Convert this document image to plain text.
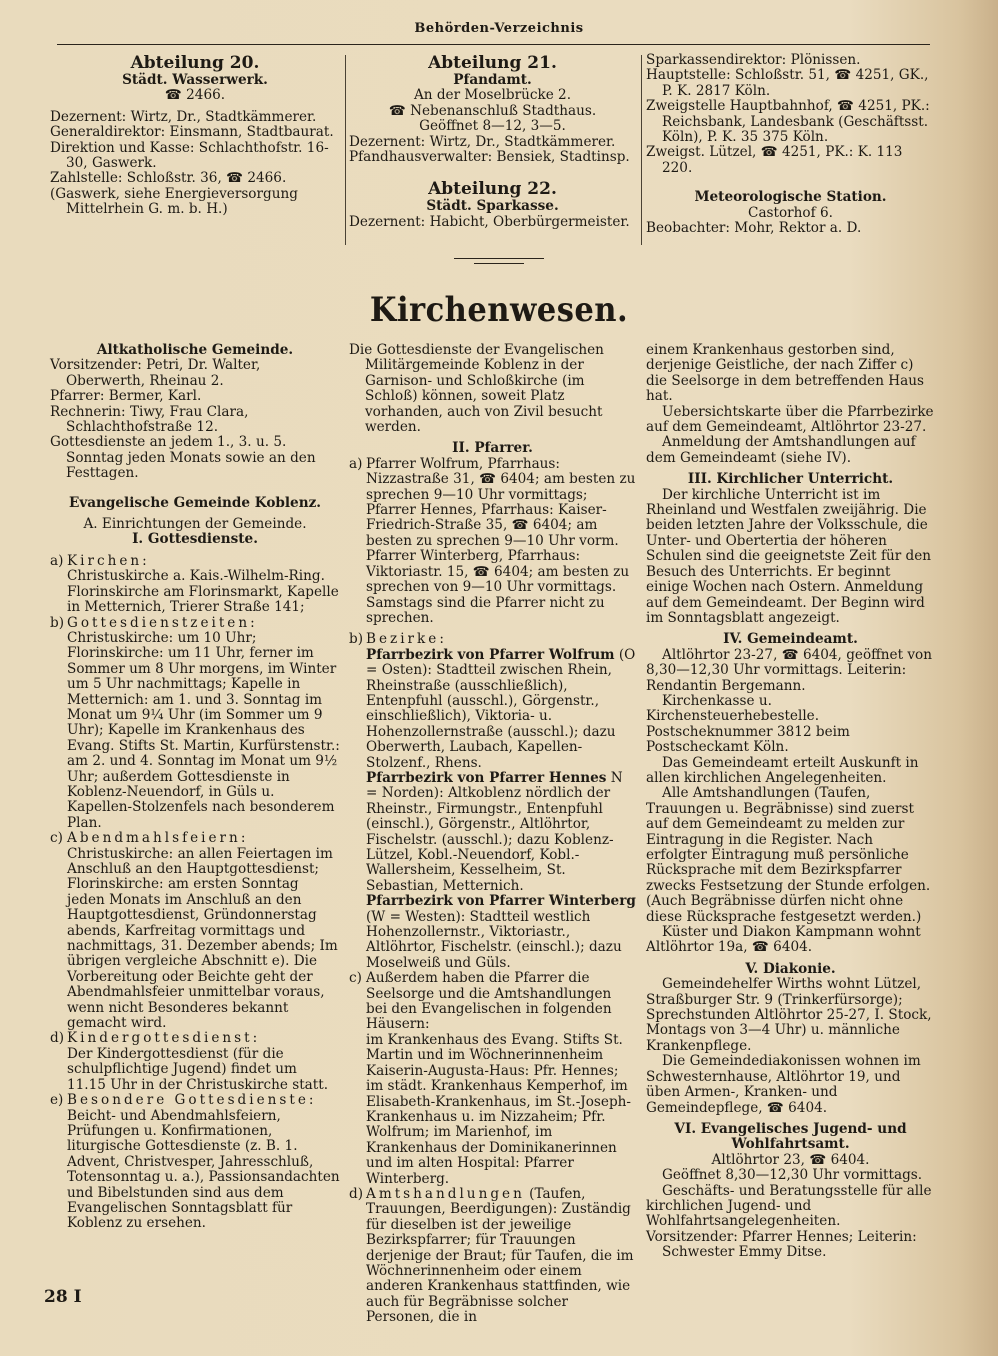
Behörden-Verzeichnis

Abteilung 20.

Städt. Wasserwerk.

☎ 2466.

Dezernent: Wirtz, Dr., Stadtkämmerer.

Generaldirektor: Einsmann, Stadtbaurat.

Direktion und Kasse: Schlachthofstr. 16-30, Gaswerk.

Zahlstelle: Schloßstr. 36, ☎ 2466.

(Gaswerk, siehe Energieversorgung Mittelrhein G. m. b. H.)

Abteilung 21.

Pfandamt.

An der Moselbrücke 2.

☎ Nebenanschluß Stadthaus.

Geöffnet 8—12, 3—5.

Dezernent: Wirtz, Dr., Stadtkämmerer.

Pfandhausverwalter: Bensiek, Stadtinsp.

Abteilung 22.

Städt. Sparkasse.

Dezernent: Habicht, Oberbürgermeister.

Sparkassendirektor: Plönissen.

Hauptstelle: Schloßstr. 51, ☎ 4251, GK., P. K. 2817 Köln.

Zweigstelle Hauptbahnhof, ☎ 4251, PK.: Reichsbank, Landesbank (Geschäftsst. Köln), P. K. 35 375 Köln.

Zweigst. Lützel, ☎ 4251, PK.: K. 113 220.

Meteorologische Station.

Castorhof 6.

Beobachter: Mohr, Rektor a. D.

Kirchenwesen.

Altkatholische Gemeinde.

Vorsitzender: Petri, Dr. Walter, Oberwerth, Rheinau 2.

Pfarrer: Bermer, Karl.

Rechnerin: Tiwy, Frau Clara, Schlachthofstraße 12.

Gottesdienste an jedem 1., 3. u. 5. Sonntag jeden Monats sowie an den Festtagen.

Evangelische Gemeinde Koblenz.

A. Einrichtungen der Gemeinde.

I. Gottesdienste.

a) Kirchen:

Christuskirche a. Kais.-Wilhelm-Ring. Florinskirche am Florinsmarkt, Kapelle in Metternich, Trierer Straße 141;

b) Gottesdienstzeiten:

Christuskirche: um 10 Uhr; Florinskirche: um 11 Uhr, ferner im Sommer um 8 Uhr morgens, im Winter um 5 Uhr nachmittags; Kapelle in Metternich: am 1. und 3. Sonntag im Monat um 9¼ Uhr (im Sommer um 9 Uhr); Kapelle im Krankenhaus des Evang. Stifts St. Martin, Kurfürstenstr.: am 2. und 4. Sonntag im Monat um 9½ Uhr; außerdem Gottesdienste in Koblenz-Neuendorf, in Güls u. Kapellen-Stolzenfels nach besonderem Plan.

c) Abendmahlsfeiern:

Christuskirche: an allen Feiertagen im Anschluß an den Hauptgottesdienst; Florinskirche: am ersten Sonntag jeden Monats im Anschluß an den Hauptgottesdienst, Gründonnerstag abends, Karfreitag vormittags und nachmittags, 31. Dezember abends; Im übrigen vergleiche Abschnitt e). Die Vorbereitung oder Beichte geht der Abendmahlsfeier unmittelbar voraus, wenn nicht Besonderes bekannt gemacht wird.

d) Kindergottesdienst:

Der Kindergottesdienst (für die schulpflichtige Jugend) findet um 11.15 Uhr in der Christuskirche statt.

e) Besondere Gottesdienste:

Beicht- und Abendmahlsfeiern, Prüfungen u. Konfirmationen, liturgische Gottesdienste (z. B. 1. Advent, Christvesper, Jahresschluß, Totensonntag u. a.), Passionsandachten und Bibelstunden sind aus dem Evangelischen Sonntagsblatt für Koblenz zu ersehen.

Die Gottesdienste der Evangelischen Militärgemeinde Koblenz in der Garnison- und Schloßkirche (im Schloß) können, soweit Platz vorhanden, auch von Zivil besucht werden.

II. Pfarrer.

a) Pfarrer Wolfrum, Pfarrhaus: Nizzastraße 31, ☎ 6404; am besten zu sprechen 9—10 Uhr vormittags; Pfarrer Hennes, Pfarrhaus: Kaiser-Friedrich-Straße 35, ☎ 6404; am besten zu sprechen 9—10 Uhr vorm. Pfarrer Winterberg, Pfarrhaus: Viktoriastr. 15, ☎ 6404; am besten zu sprechen von 9—10 Uhr vormittags. Samstags sind die Pfarrer nicht zu sprechen.

b) Bezirke:

Pfarrbezirk von Pfarrer Wolfrum (O = Osten): Stadtteil zwischen Rhein, Rheinstraße (ausschließlich), Entenpfuhl (ausschl.), Görgenstr., einschließlich), Viktoria- u. Hohenzollernstraße (ausschl.); dazu Oberwerth, Laubach, Kapellen-Stolzenf., Rhens.

Pfarrbezirk von Pfarrer Hennes N = Norden): Altkoblenz nördlich der Rheinstr., Firmungstr., Entenpfuhl (einschl.), Görgenstr., Altlöhrtor, Fischelstr. (ausschl.); dazu Koblenz-Lützel, Kobl.-Neuendorf, Kobl.-Wallersheim, Kesselheim, St. Sebastian, Metternich.

Pfarrbezirk von Pfarrer Winterberg (W = Westen): Stadtteil westlich Hohenzollernstr., Viktoriastr., Altlöhrtor, Fischelstr. (einschl.); dazu Moselweiß und Güls.

c) Außerdem haben die Pfarrer die Seelsorge und die Amtshandlungen bei den Evangelischen in folgenden Häusern:

im Krankenhaus des Evang. Stifts St. Martin und im Wöchnerinnenheim Kaiserin-Augusta-Haus: Pfr. Hennes; im städt. Krankenhaus Kemperhof, im Elisabeth-Krankenhaus, im St.-Joseph-Krankenhaus u. im Nizzaheim; Pfr. Wolfrum; im Marienhof, im Krankenhaus der Dominikanerinnen und im alten Hospital: Pfarrer Winterberg.

d) Amtshandlungen (Taufen, Trauungen, Beerdigungen): Zuständig für dieselben ist der jeweilige Bezirkspfarrer; für Trauungen derjenige der Braut; für Taufen, die im Wöchnerinnenheim oder einem anderen Krankenhaus stattfinden, wie auch für Begräbnisse solcher Personen, die in

einem Krankenhaus gestorben sind, derjenige Geistliche, der nach Ziffer c) die Seelsorge in dem betreffenden Haus hat.

Uebersichtskarte über die Pfarrbezirke auf dem Gemeindeamt, Altlöhrtor 23-27.

Anmeldung der Amtshandlungen auf dem Gemeindeamt (siehe IV).

III. Kirchlicher Unterricht.

Der kirchliche Unterricht ist im Rheinland und Westfalen zweijährig. Die beiden letzten Jahre der Volksschule, die Unter- und Obertertia der höheren Schulen sind die geeignetste Zeit für den Besuch des Unterrichts. Er beginnt einige Wochen nach Ostern. Anmeldung auf dem Gemeindeamt. Der Beginn wird im Sonntagsblatt angezeigt.

IV. Gemeindeamt.

Altlöhrtor 23-27, ☎ 6404, geöffnet von 8,30—12,30 Uhr vormittags. Leiterin: Rendantin Bergemann.

Kirchenkasse u. Kirchensteuerhebestelle. Postscheknummer 3812 beim Postscheckamt Köln.

Das Gemeindeamt erteilt Auskunft in allen kirchlichen Angelegenheiten.

Alle Amtshandlungen (Taufen, Trauungen u. Begräbnisse) sind zuerst auf dem Gemeindeamt zu melden zur Eintragung in die Register. Nach erfolgter Eintragung muß persönliche Rücksprache mit dem Bezirkspfarrer zwecks Festsetzung der Stunde erfolgen. (Auch Begräbnisse dürfen nicht ohne diese Rücksprache festgesetzt werden.)

Küster und Diakon Kampmann wohnt Altlöhrtor 19a, ☎ 6404.

V. Diakonie.

Gemeindehelfer Wirths wohnt Lützel, Straßburger Str. 9 (Trinkerfürsorge); Sprechstunden Altlöhrtor 25-27, I. Stock, Montags von 3—4 Uhr) u. männliche Krankenpflege.

Die Gemeindediakonissen wohnen im Schwesternhause, Altlöhrtor 19, und üben Armen-, Kranken- und Gemeindepflege, ☎ 6404.

VI. Evangelisches Jugend- und Wohlfahrtsamt.

Altlöhrtor 23, ☎ 6404.

Geöffnet 8,30—12,30 Uhr vormittags.

Geschäfts- und Beratungsstelle für alle kirchlichen Jugend- und Wohlfahrtsangelegenheiten.

Vorsitzender: Pfarrer Hennes; Leiterin: Schwester Emmy Ditse.

28 I
